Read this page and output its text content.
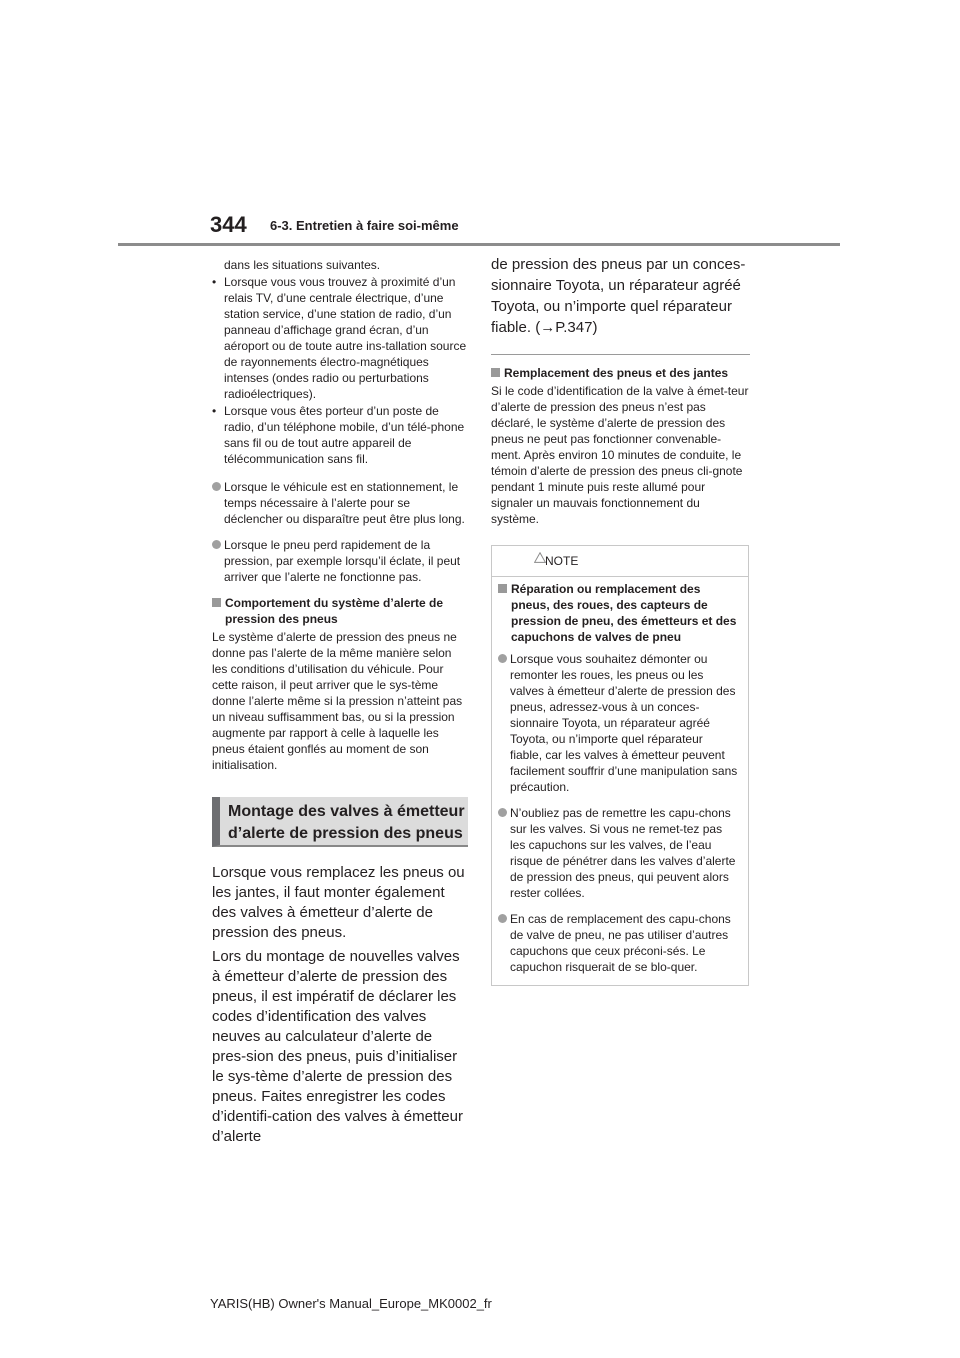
344 6-3. Entretien à faire soi-même

dans les situations suivantes.

• Lorsque vous vous trouvez à proximité d’un relais TV, d’une centrale électrique, d’une station service, d’une station de radio, d’un panneau d’affichage grand écran, d’un aéroport ou de toute autre ins-tallation source de rayonnements électro-magnétiques intenses (ondes radio ou perturbations radioélectriques).
• Lorsque vous êtes porteur d’un poste de radio, d’un téléphone mobile, d’un télé-phone sans fil ou de tout autre appareil de télécommunication sans fil.
Lorsque le véhicule est en stationnement, le temps nécessaire à l’alerte pour se déclencher ou disparaître peut être plus long.
Lorsque le pneu perd rapidement de la pression, par exemple lorsqu’il éclate, il peut arriver que l’alerte ne fonctionne pas.
Comportement du système d’alerte de pression des pneus

Le système d’alerte de pression des pneus ne donne pas l’alerte de la même manière selon les conditions d’utilisation du véhicule. Pour cette raison, il peut arriver que le sys-tème donne l’alerte même si la pression n’atteint pas un niveau suffisamment bas, ou si la pression augmente par rapport à celle à laquelle les pneus étaient gonflés au moment de son initialisation.

Montage des valves à émetteur
d’alerte de pression des pneus

Lorsque vous remplacez les pneus ou les jantes, il faut monter également des valves à émetteur d’alerte de pression des pneus.

Lors du montage de nouvelles valves à émetteur d’alerte de pression des pneus, il est impératif de déclarer les codes d’identification des valves neuves au calculateur d’alerte de pres-sion des pneus, puis d’initialiser le sys-tème d’alerte de pression des pneus. Faites enregistrer les codes d’identifi-cation des valves à émetteur d’alerte

de pression des pneus par un conces-sionnaire Toyota, un réparateur agréé Toyota, ou n’importe quel réparateur fiable. (→P.347)

Remplacement des pneus et des jantes

Si le code d’identification de la valve à émet-teur d’alerte de pression des pneus n’est pas déclaré, le système d’alerte de pression des pneus ne peut pas fonctionner convenable-ment. Après environ 10 minutes de conduite, le témoin d’alerte de pression des pneus cli-gnote pendant 1 minute puis reste allumé pour signaler un mauvais fonctionnement du système.

NOTE
Réparation ou remplacement des pneus, des roues, des capteurs de pression de pneu, des émetteurs et des capuchons de valves de pneu
Lorsque vous souhaitez démonter ou remonter les roues, les pneus ou les valves à émetteur d’alerte de pression des pneus, adressez-vous à un conces-sionnaire Toyota, un réparateur agréé Toyota, ou n’importe quel réparateur fiable, car les valves à émetteur peuvent facilement souffrir d’une manipulation sans précaution.
N’oubliez pas de remettre les capu-chons sur les valves. Si vous ne remet-tez pas les capuchons sur les valves, de l’eau risque de pénétrer dans les valves d’alerte de pression des pneus, qui peuvent alors rester collées.
En cas de remplacement des capu-chons de valve de pneu, ne pas utiliser d’autres capuchons que ceux préconi-sés. Le capuchon risquerait de se blo-quer.
YARIS(HB) Owner's Manual_Europe_MK0002_fr
